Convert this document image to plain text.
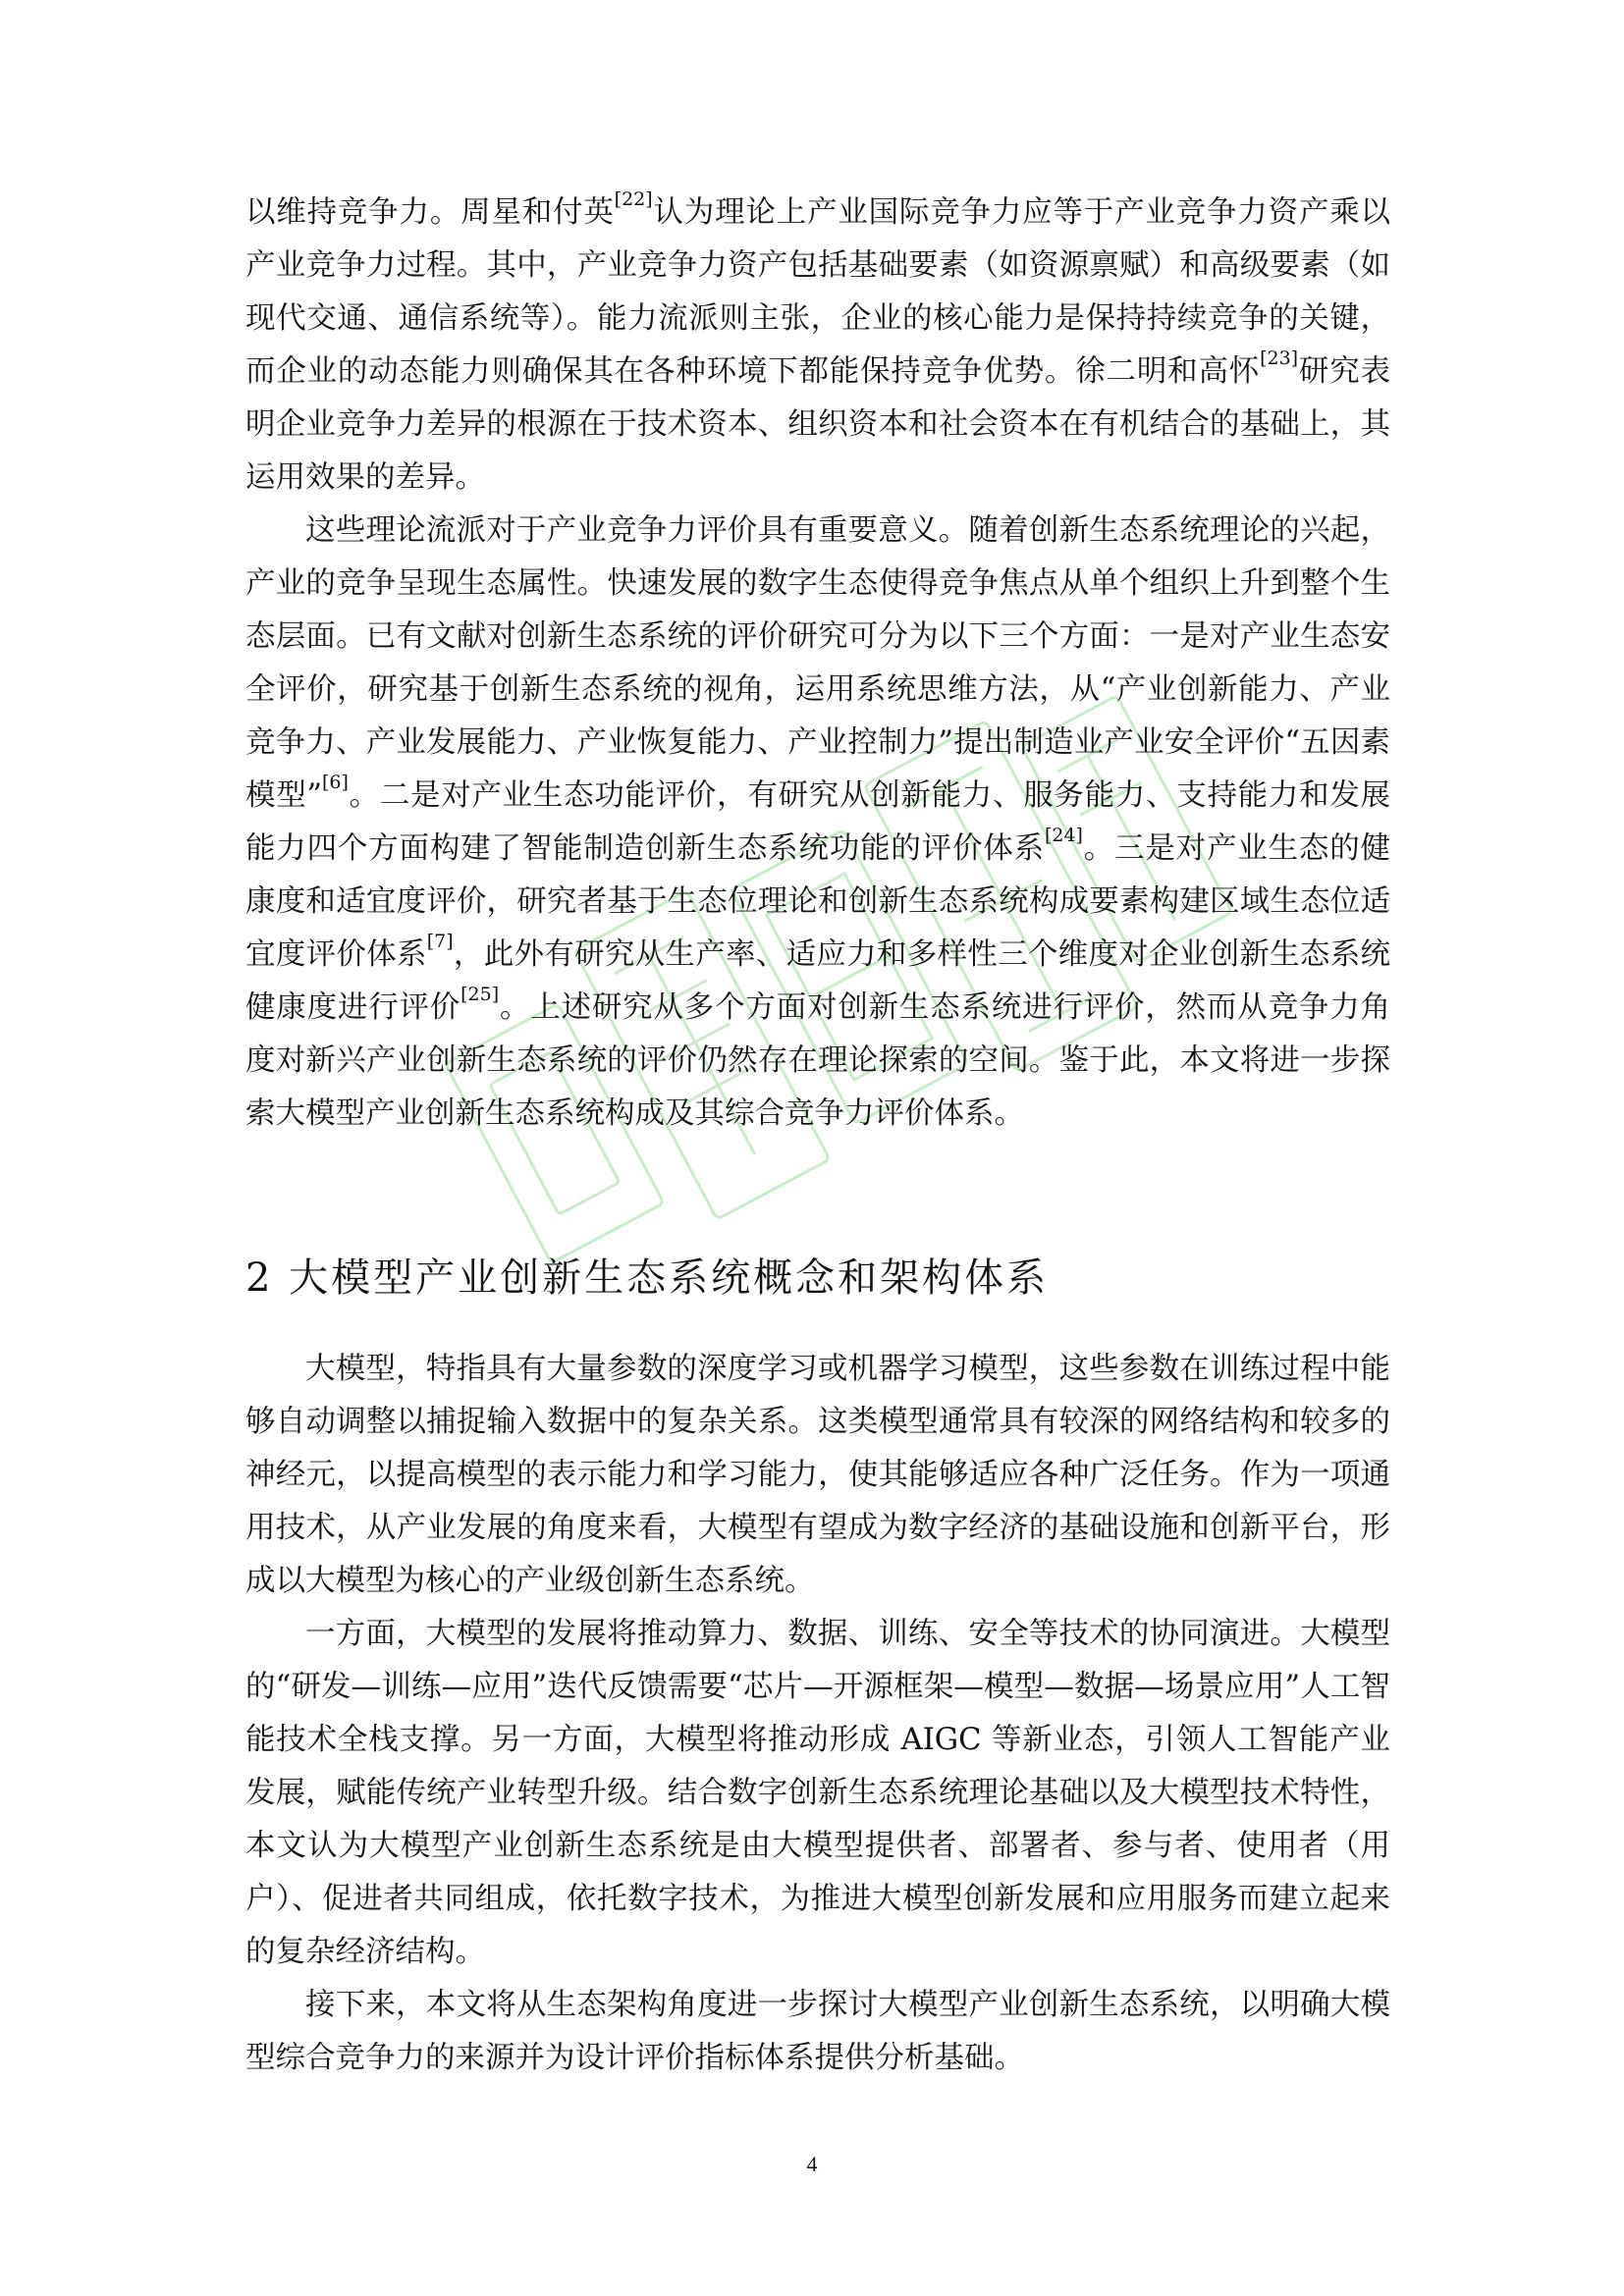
以维持竞争力。周星和付英[22]认为理论上产业国际竞争力应等于产业竞争力资产乘以产业竞争力过程。其中，产业竞争力资产包括基础要素（如资源禀赋）和高级要素（如现代交通、通信系统等）。能力流派则主张，企业的核心能力是保持持续竞争的关键，而企业的动态能力则确保其在各种环境下都能保持竞争优势。徐二明和高怀[23]研究表明企业竞争力差异的根源在于技术资本、组织资本和社会资本在有机结合的基础上，其运用效果的差异。

这些理论流派对于产业竞争力评价具有重要意义。随着创新生态系统理论的兴起，产业的竞争呈现生态属性。快速发展的数字生态使得竞争焦点从单个组织上升到整个生态层面。已有文献对创新生态系统的评价研究可分为以下三个方面：一是对产业生态安全评价，研究基于创新生态系统的视角，运用系统思维方法，从“产业创新能力、产业竞争力、产业发展能力、产业恢复能力、产业控制力”提出制造业产业安全评价“五因素模型”[6]。二是对产业生态功能评价，有研究从创新能力、服务能力、支持能力和发展能力四个方面构建了智能制造创新生态系统功能的评价体系[24]。三是对产业生态的健康度和适宜度评价，研究者基于生态位理论和创新生态系统构成要素构建区域生态位适宜度评价体系[7]，此外有研究从生产率、适应力和多样性三个维度对企业创新生态系统健康度进行评价[25]。上述研究从多个方面对创新生态系统进行评价，然而从竞争力角度对新兴产业创新生态系统的评价仍然存在理论探索的空间。鉴于此，本文将进一步探索大模型产业创新生态系统构成及其综合竞争力评价体系。

2 大模型产业创新生态系统概念和架构体系

大模型，特指具有大量参数的深度学习或机器学习模型，这些参数在训练过程中能够自动调整以捕捉输入数据中的复杂关系。这类模型通常具有较深的网络结构和较多的神经元，以提高模型的表示能力和学习能力，使其能够适应各种广泛任务。作为一项通用技术，从产业发展的角度来看，大模型有望成为数字经济的基础设施和创新平台，形成以大模型为核心的产业级创新生态系统。

一方面，大模型的发展将推动算力、数据、训练、安全等技术的协同演进。大模型的“研发—训练—应用”迭代反馈需要“芯片—开源框架—模型—数据—场景应用”人工智能技术全栈支撑。另一方面，大模型将推动形成 AIGC 等新业态，引领人工智能产业发展，赋能传统产业转型升级。结合数字创新生态系统理论基础以及大模型技术特性，本文认为大模型产业创新生态系统是由大模型提供者、部署者、参与者、使用者（用户）、促进者共同组成，依托数字技术，为推进大模型创新发展和应用服务而建立起来的复杂经济结构。

接下来，本文将从生态架构角度进一步探讨大模型产业创新生态系统，以明确大模型综合竞争力的来源并为设计评价指标体系提供分析基础。

4
